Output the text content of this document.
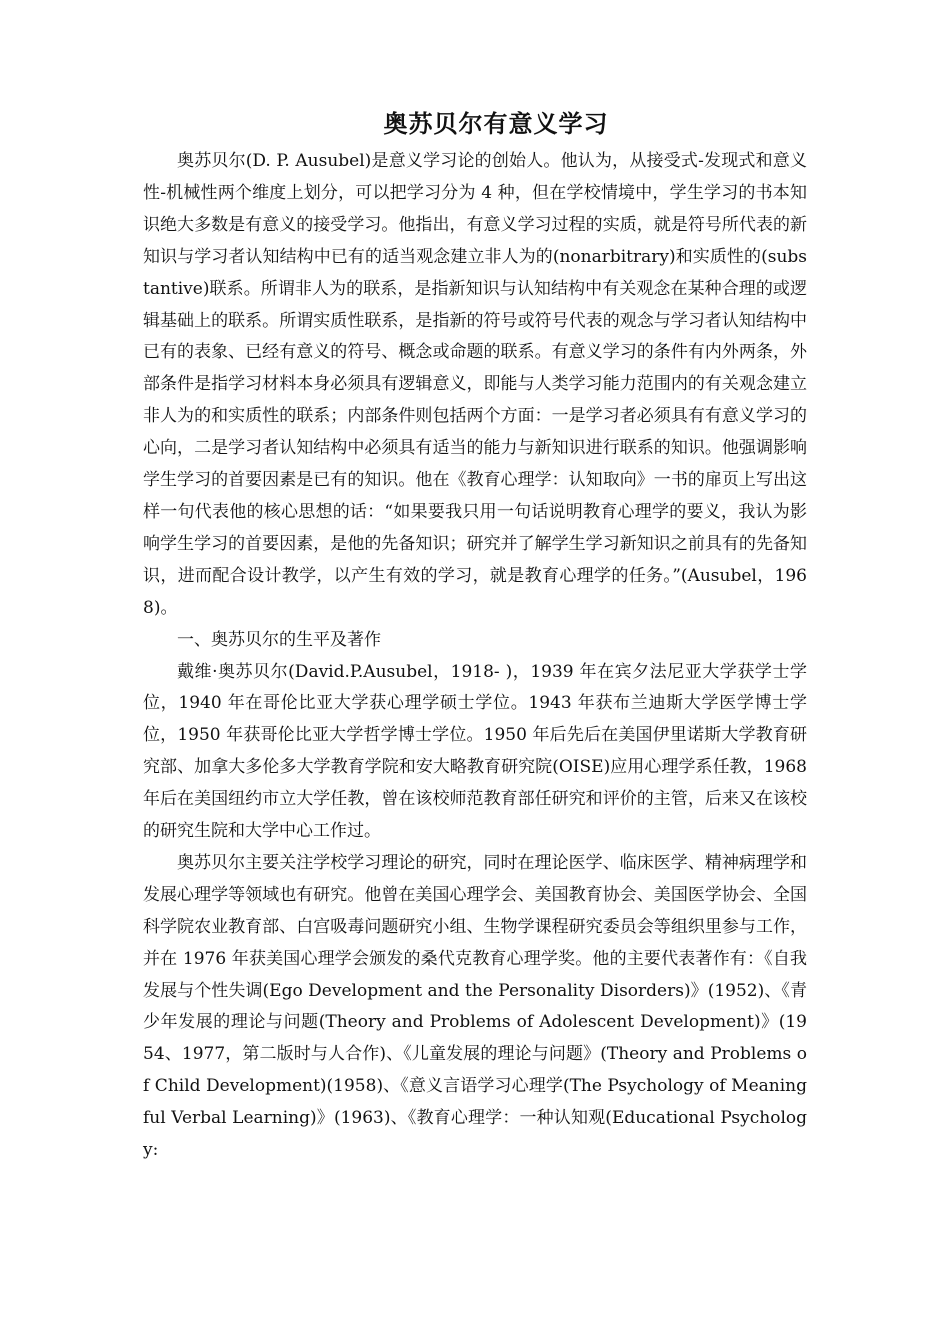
奥苏贝尔有意义学习

奥苏贝尔(D. P. Ausubel)是意义学习论的创始人。他认为，从接受式-发现式和意义性-机械性两个维度上划分，可以把学习分为 4 种，但在学校情境中，学生学习的书本知识绝大多数是有意义的接受学习。他指出，有意义学习过程的实质，就是符号所代表的新知识与学习者认知结构中已有的适当观念建立非人为的(nonarbitrary)和实质性的(substantive)联系。所谓非人为的联系，是指新知识与认知结构中有关观念在某种合理的或逻辑基础上的联系。所谓实质性联系，是指新的符号或符号代表的观念与学习者认知结构中已有的表象、已经有意义的符号、概念或命题的联系。有意义学习的条件有内外两条，外部条件是指学习材料本身必须具有逻辑意义，即能与人类学习能力范围内的有关观念建立非人为的和实质性的联系；内部条件则包括两个方面：一是学习者必须具有有意义学习的心向，二是学习者认知结构中必须具有适当的能力与新知识进行联系的知识。他强调影响学生学习的首要因素是已有的知识。他在《教育心理学：认知取向》一书的扉页上写出这样一句代表他的核心思想的话：“如果要我只用一句话说明教育心理学的要义，我认为影响学生学习的首要因素，是他的先备知识；研究并了解学生学习新知识之前具有的先备知识，进而配合设计教学，以产生有效的学习，就是教育心理学的任务。”(Ausubel，1968)。

一、奥苏贝尔的生平及著作

戴维·奥苏贝尔(David.P.Ausubel，1918- )，1939 年在宾夕法尼亚大学获学士学位，1940 年在哥伦比亚大学获心理学硕士学位。1943 年获布兰迪斯大学医学博士学位，1950 年获哥伦比亚大学哲学博士学位。1950 年后先后在美国伊里诺斯大学教育研究部、加拿大多伦多大学教育学院和安大略教育研究院(OISE)应用心理学系任教，1968 年后在美国纽约市立大学任教，曾在该校师范教育部任研究和评价的主管，后来又在该校的研究生院和大学中心工作过。

奥苏贝尔主要关注学校学习理论的研究，同时在理论医学、临床医学、精神病理学和发展心理学等领域也有研究。他曾在美国心理学会、美国教育协会、美国医学协会、全国科学院农业教育部、白宫吸毒问题研究小组、生物学课程研究委员会等组织里参与工作，并在 1976 年获美国心理学会颁发的桑代克教育心理学奖。他的主要代表著作有：《自我发展与个性失调(Ego Development and the Personality Disorders)》(1952)、《青少年发展的理论与问题(Theory and Problems of Adolescent Development)》(1954、1977，第二版时与人合作)、《儿童发展的理论与问题》(Theory and Problems of Child Development)(1958)、《意义言语学习心理学(The Psychology of Meaningful Verbal Learning)》(1963)、《教育心理学：一种认知观(Educational Psychology:
